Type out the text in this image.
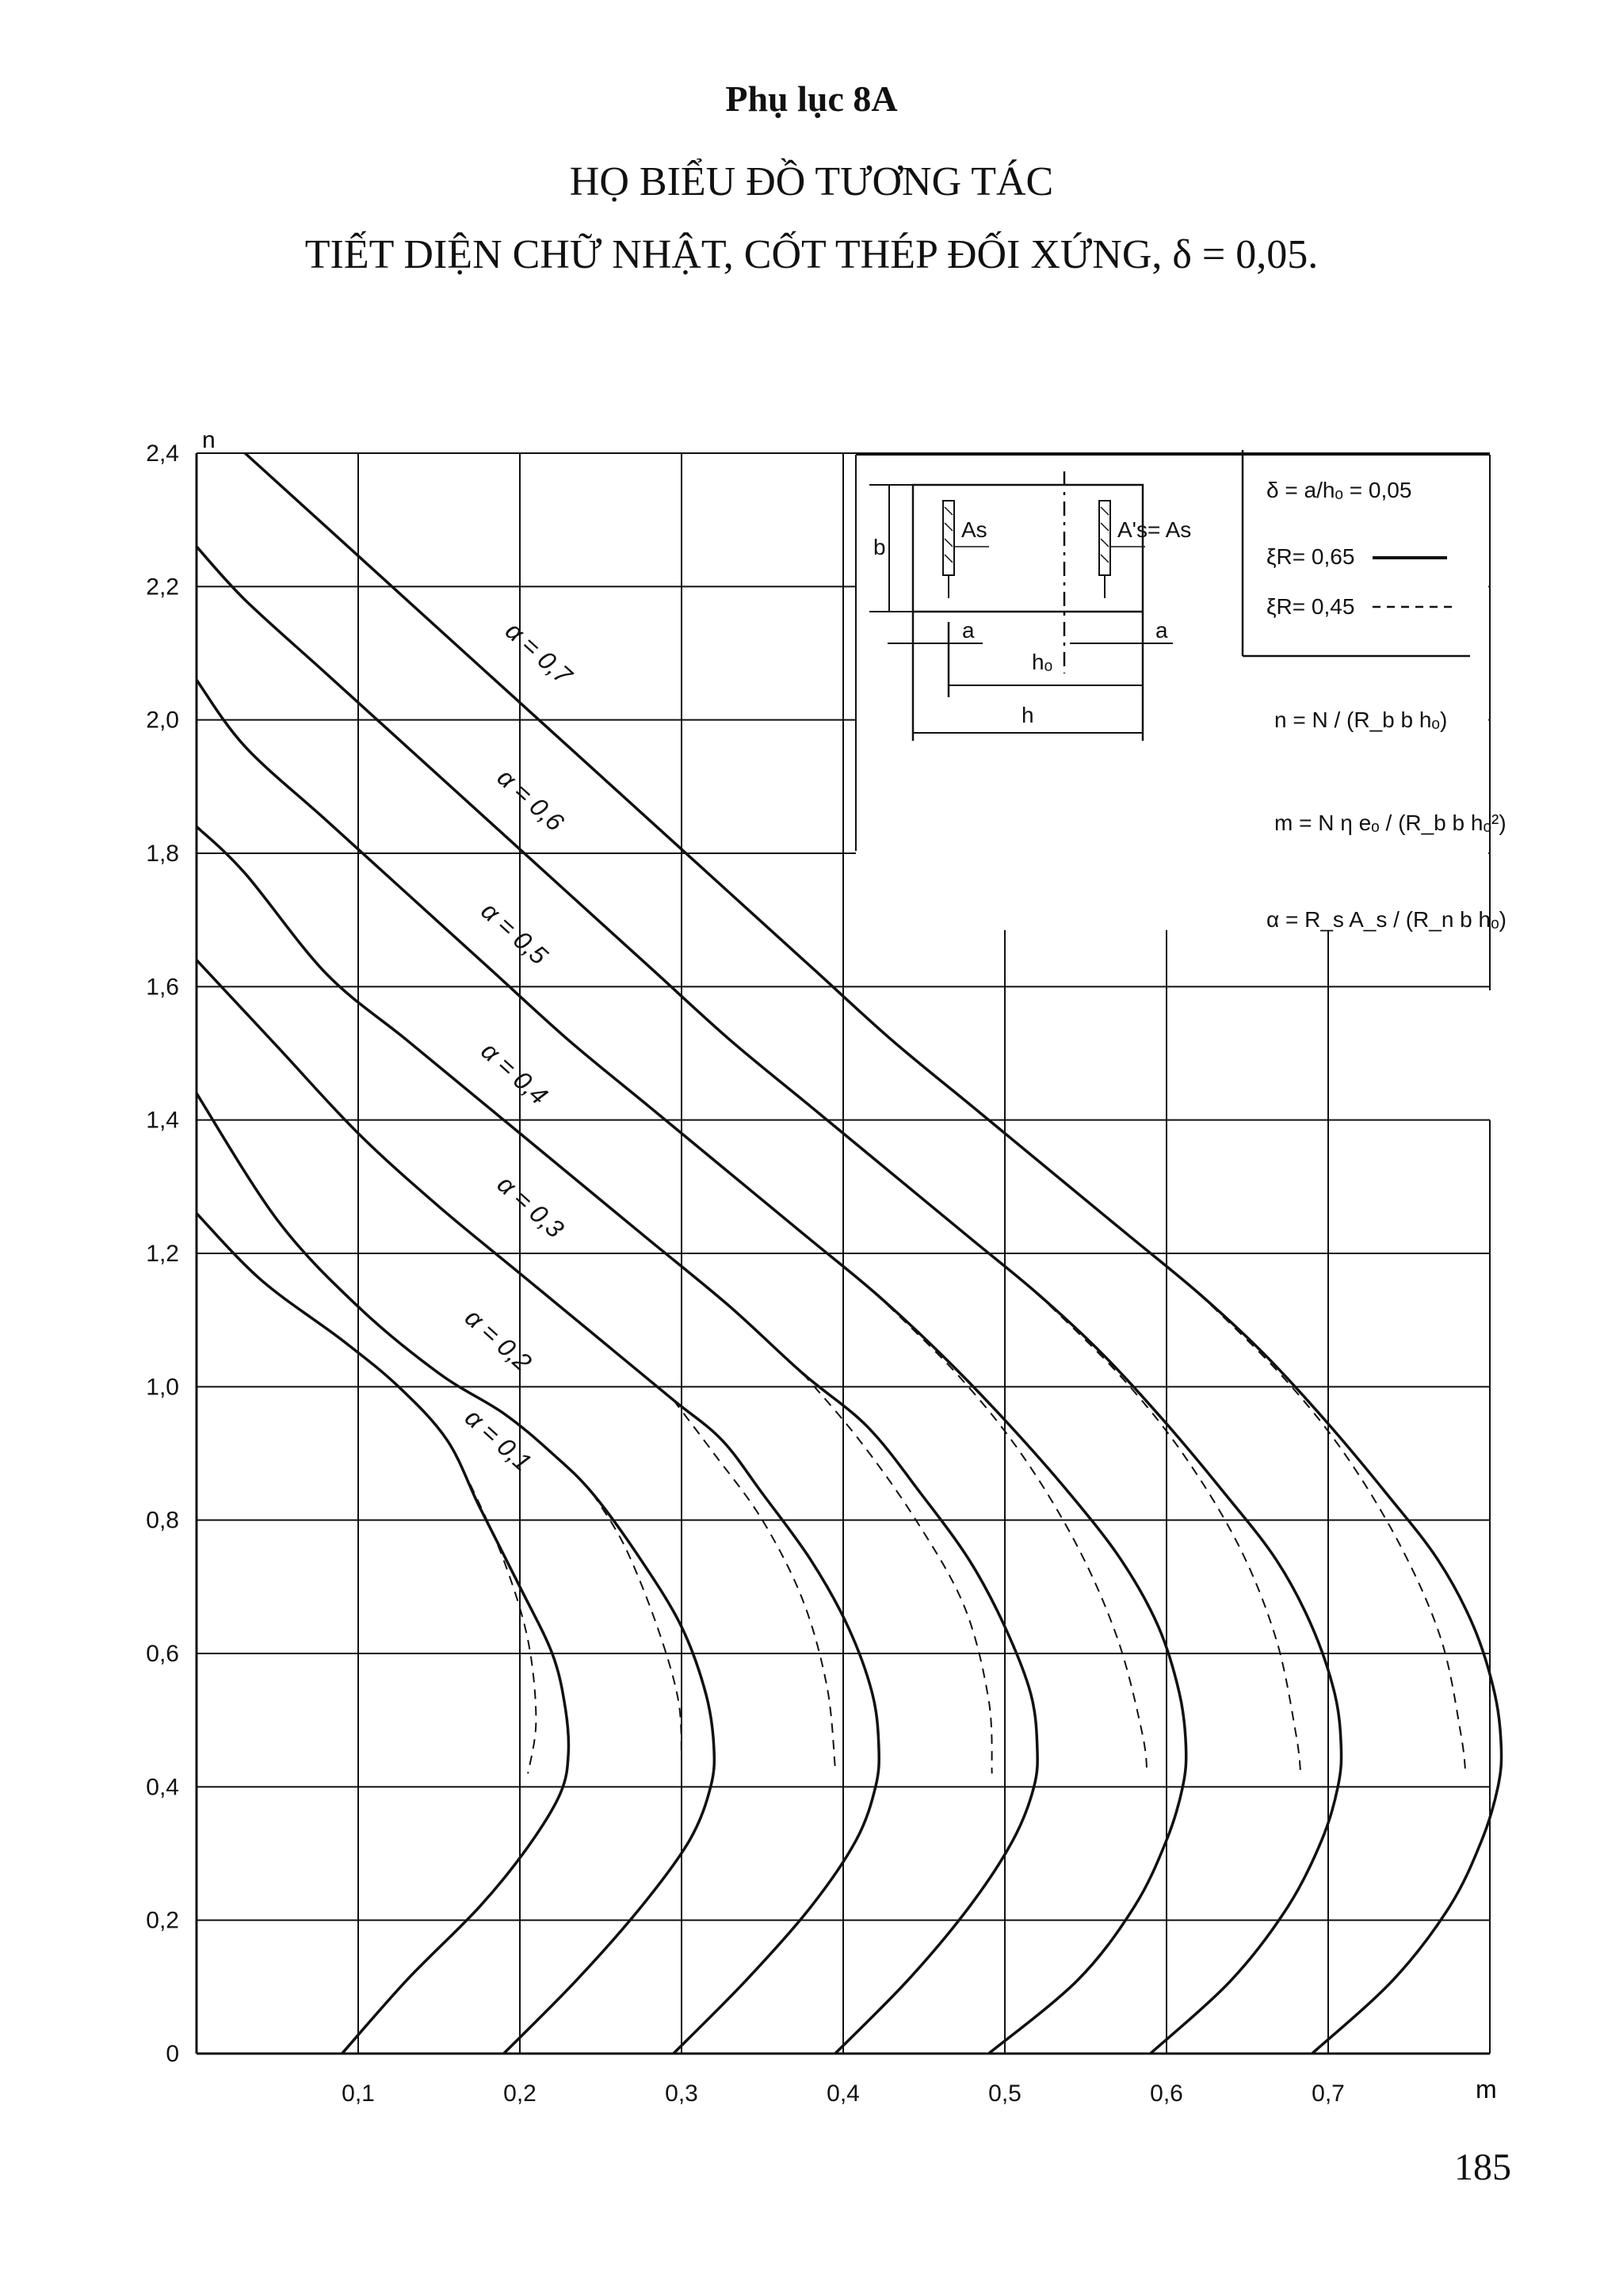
Phụ lục 8A
HỌ BIỂU ĐỒ TƯƠNG TÁC
TIẾT DIỆN CHỮ NHẬT, CỐT THÉP ĐỐI XỨNG, δ = 0,05.
n
m
0,1	0,2	0,3	0,4	0,5	0,6	0,7
0
0,2
0,4
0,6
0,8
1,0
1,2
1,4
1,6
1,8
2,0
2,2
2,4
α = 0,1
α = 0,2
α = 0,3
α = 0,4
α = 0,5
α = 0,6
α = 0,7
b
As	A's= As
a	a
hₒ
h
δ = a/hₒ = 0,05
ξR= 0,65
ξR= 0,45
n = N / (R_b b hₒ)
m = N η eₒ / (R_b b hₒ²)
α = R_s A_s / (R_n b hₒ)
185
